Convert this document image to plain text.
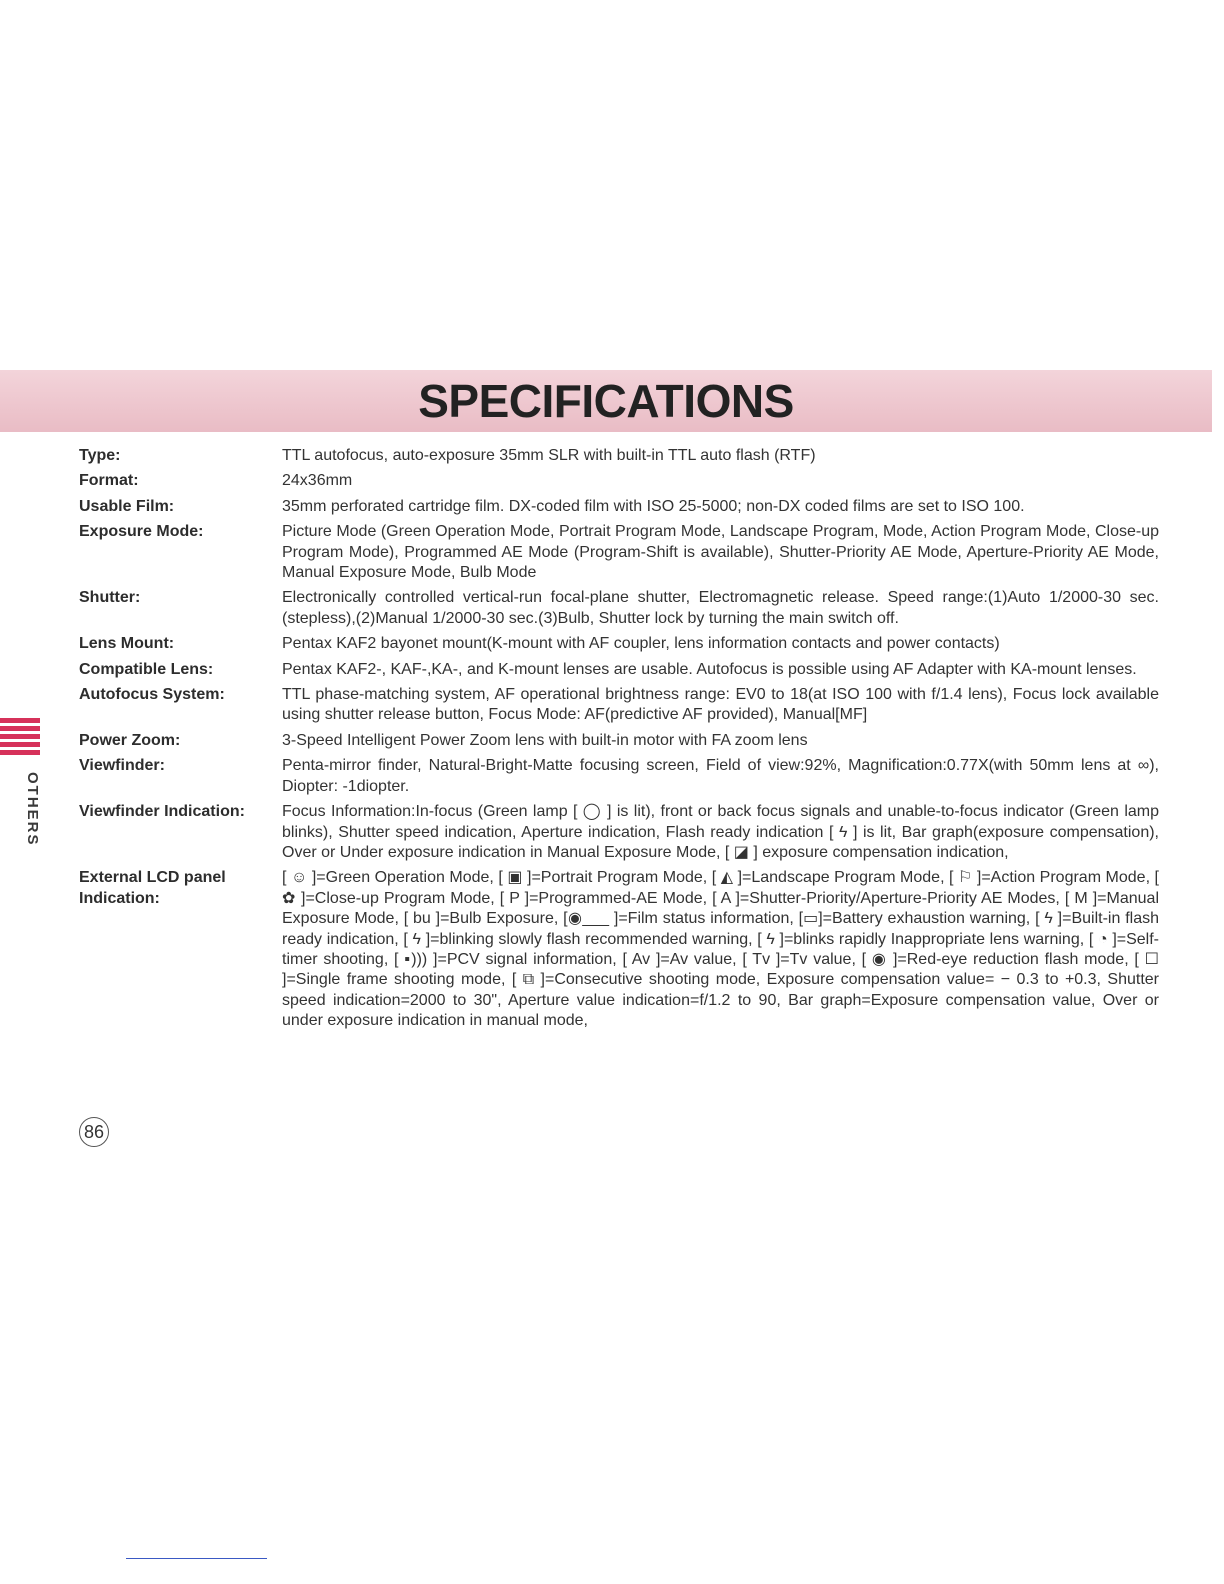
SPECIFICATIONS
OTHERS
Type:	TTL autofocus, auto-exposure 35mm SLR with built-in TTL auto flash (RTF)
Format:	24x36mm
Usable Film:	35mm perforated cartridge film. DX-coded film with ISO 25-5000; non-DX coded films are set to ISO 100.
Exposure Mode:	Picture Mode (Green Operation Mode, Portrait Program Mode, Landscape Program, Mode, Action Program Mode, Close-up Program Mode), Programmed AE Mode (Program-Shift is available), Shutter-Priority AE Mode, Aperture-Priority AE Mode, Manual Exposure Mode, Bulb Mode
Shutter:	Electronically controlled vertical-run focal-plane shutter, Electromagnetic release. Speed range:(1)Auto 1/2000-30 sec.(stepless),(2)Manual 1/2000-30 sec.(3)Bulb, Shutter lock by turning the main switch off.
Lens Mount:	Pentax KAF2 bayonet mount(K-mount with AF coupler, lens information contacts and power contacts)
Compatible Lens:	Pentax KAF2-, KAF-,KA-, and K-mount lenses are usable. Autofocus is possible using AF Adapter with KA-mount lenses.
Autofocus System:	TTL phase-matching system, AF operational brightness range: EV0 to 18(at ISO 100 with f/1.4 lens), Focus lock available using shutter release button, Focus Mode: AF(predictive AF provided), Manual[MF]
Power Zoom:	3-Speed Intelligent Power Zoom lens with built-in motor with FA zoom lens
Viewfinder:	Penta-mirror finder, Natural-Bright-Matte focusing screen, Field of view:92%, Magnification:0.77X(with 50mm lens at ∞), Diopter: -1diopter.
Viewfinder Indication:	Focus Information:In-focus (Green lamp [ ◯ ] is lit), front or back focus signals and unable-to-focus indicator (Green lamp blinks), Shutter speed indication, Aperture indication, Flash ready indication [ ϟ ] is lit, Bar graph(exposure compensation), Over or Under exposure indication in Manual Exposure Mode, [ ◪ ] exposure compensation indication,
External LCD panel Indication:
[ ☺ ]=Green Operation Mode, [ ▣ ]=Portrait Program Mode, [ ◭ ]=Landscape Program Mode, [ ⚐ ]=Action Program Mode, [ ✿ ]=Close-up Program Mode, [ P ]=Programmed-AE Mode, [ A ]=Shutter-Priority/Aperture-Priority AE Modes, [ M ]=Manual Exposure Mode, [ bu ]=Bulb Exposure, [◉___ ]=Film status information, [▭]=Battery exhaustion warning, [ ϟ ]=Built-in flash ready indication, [ ϟ ]=blinking slowly flash recommended warning, [ ϟ ]=blinks rapidly Inappropriate lens warning, [ ◔ ]=Self-timer shooting, [ ▪))) ]=PCV signal information, [ Av ]=Av value, [ Tv ]=Tv value, [ ◉ ]=Red-eye reduction flash mode, [ ☐ ]=Single frame shooting mode, [ ⧉ ]=Consecutive shooting mode, Exposure compensation value= − 0.3 to +0.3, Shutter speed indication=2000 to 30", Aperture value indication=f/1.2 to 90, Bar graph=Exposure compensation value, Over or under exposure indication in manual mode,
86
